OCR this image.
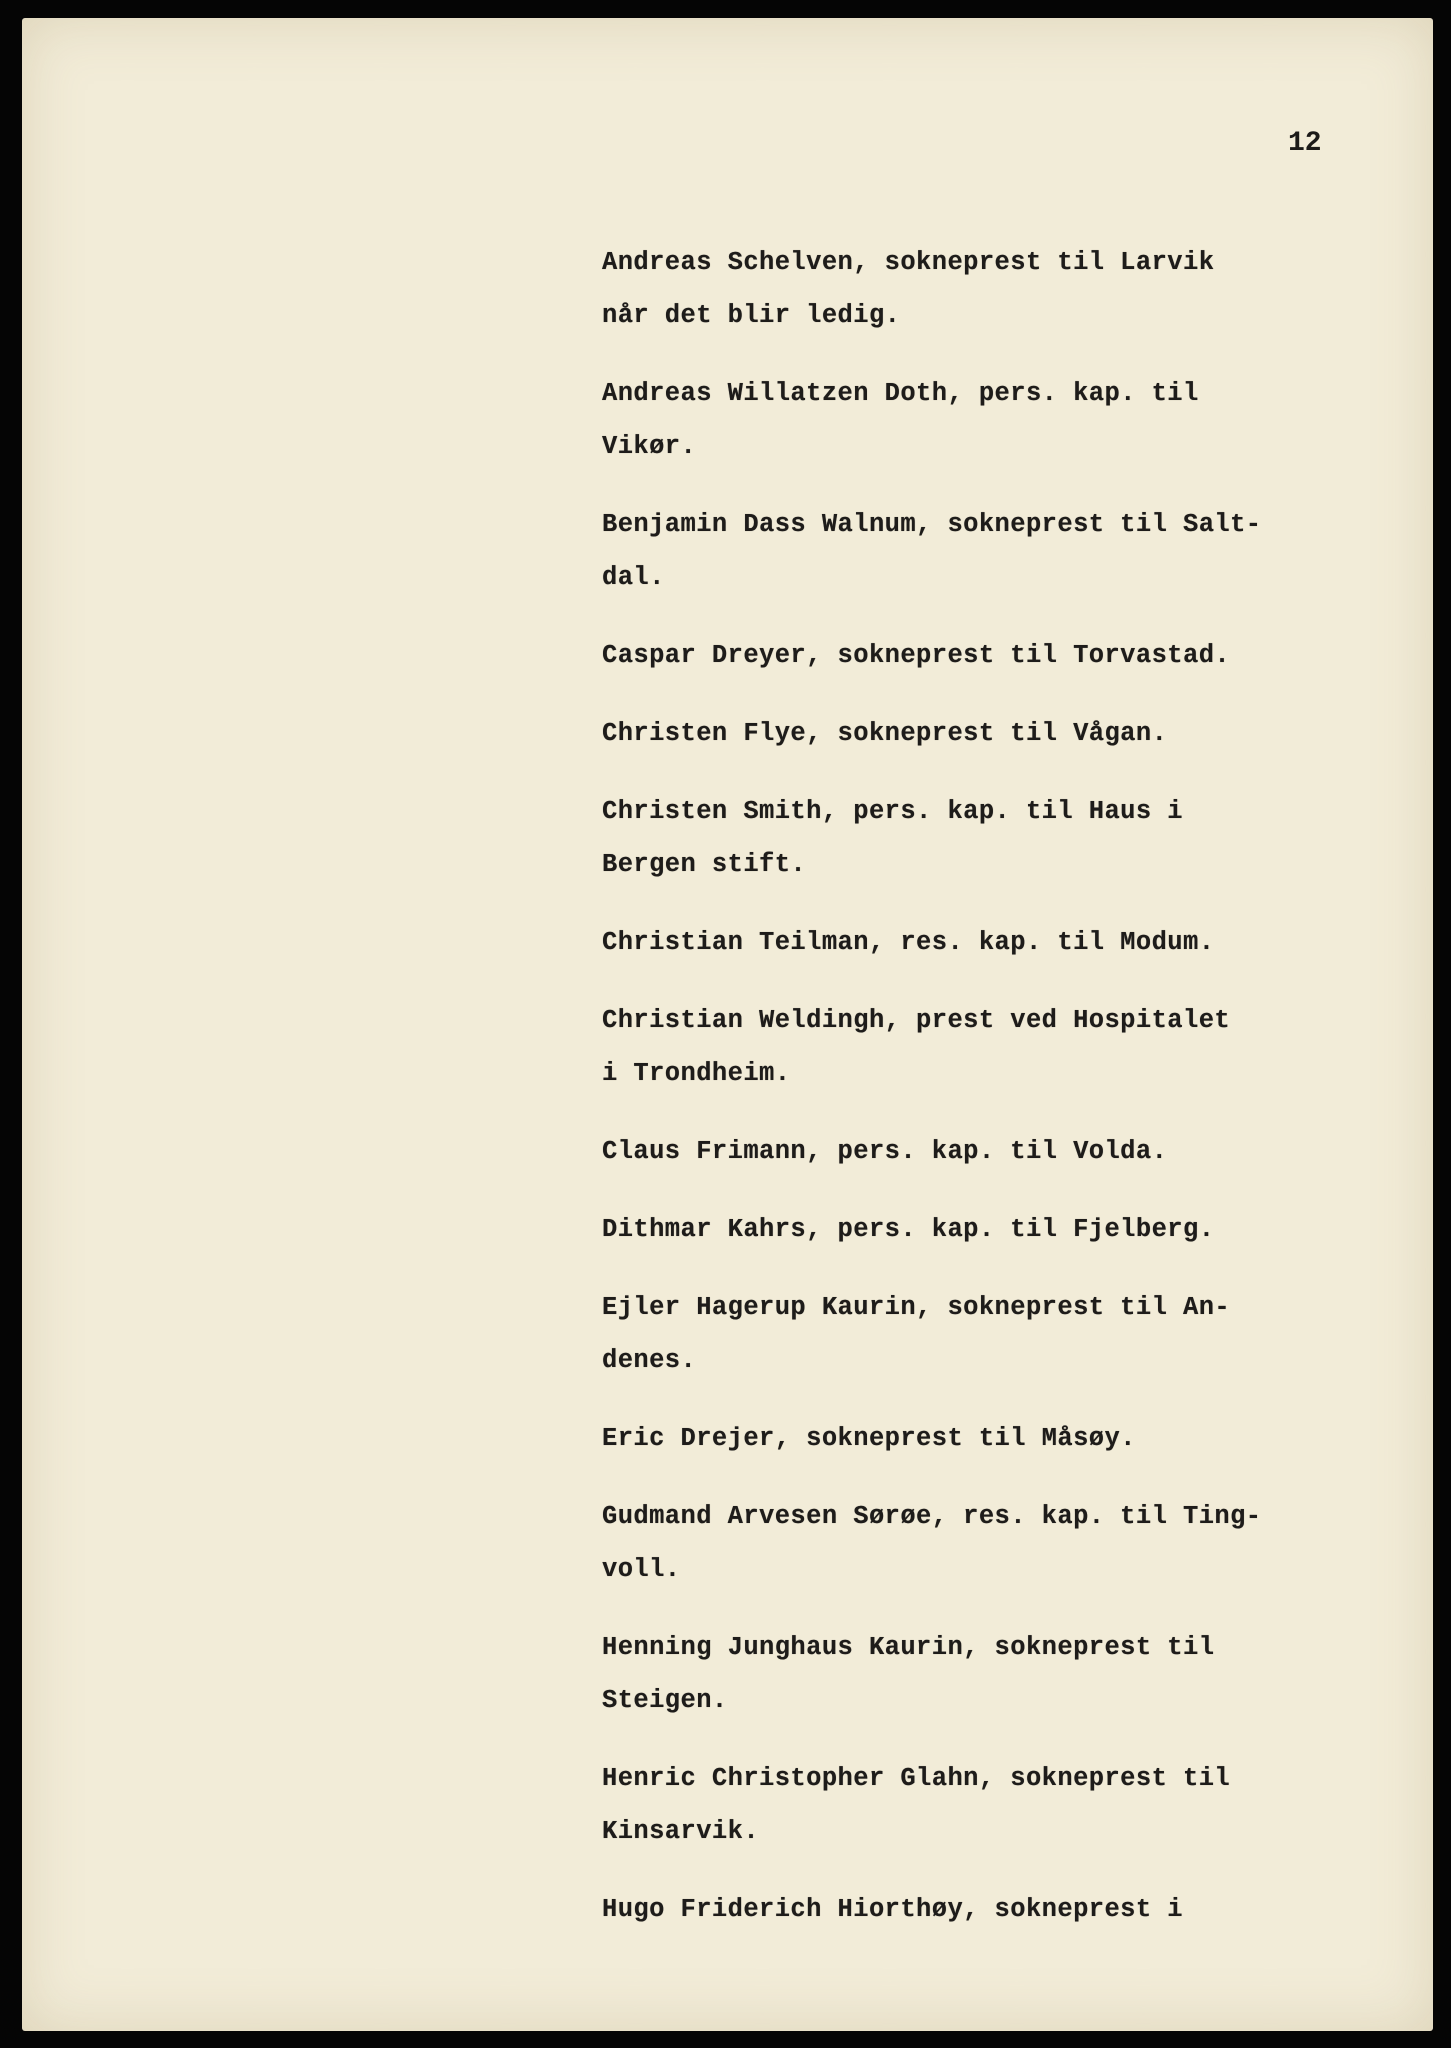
12
Andreas Schelven, sokneprest til Larvik
når det blir ledig.
Andreas Willatzen Doth, pers. kap. til
Vikør.
Benjamin Dass Walnum, sokneprest til Salt-
dal.
Caspar Dreyer, sokneprest til Torvastad.
Christen Flye, sokneprest til Vågan.
Christen Smith, pers. kap. til Haus i
Bergen stift.
Christian Teilman, res. kap. til Modum.
Christian Weldingh, prest ved Hospitalet
i Trondheim.
Claus Frimann, pers. kap. til Volda.
Dithmar Kahrs, pers. kap. til Fjelberg.
Ejler Hagerup Kaurin, sokneprest til An-
denes.
Eric Drejer, sokneprest til Måsøy.
Gudmand Arvesen Sørøe, res. kap. til Ting-
voll.
Henning Junghaus Kaurin, sokneprest til
Steigen.
Henric Christopher Glahn, sokneprest til
Kinsarvik.
Hugo Friderich Hiorthøy, sokneprest i
